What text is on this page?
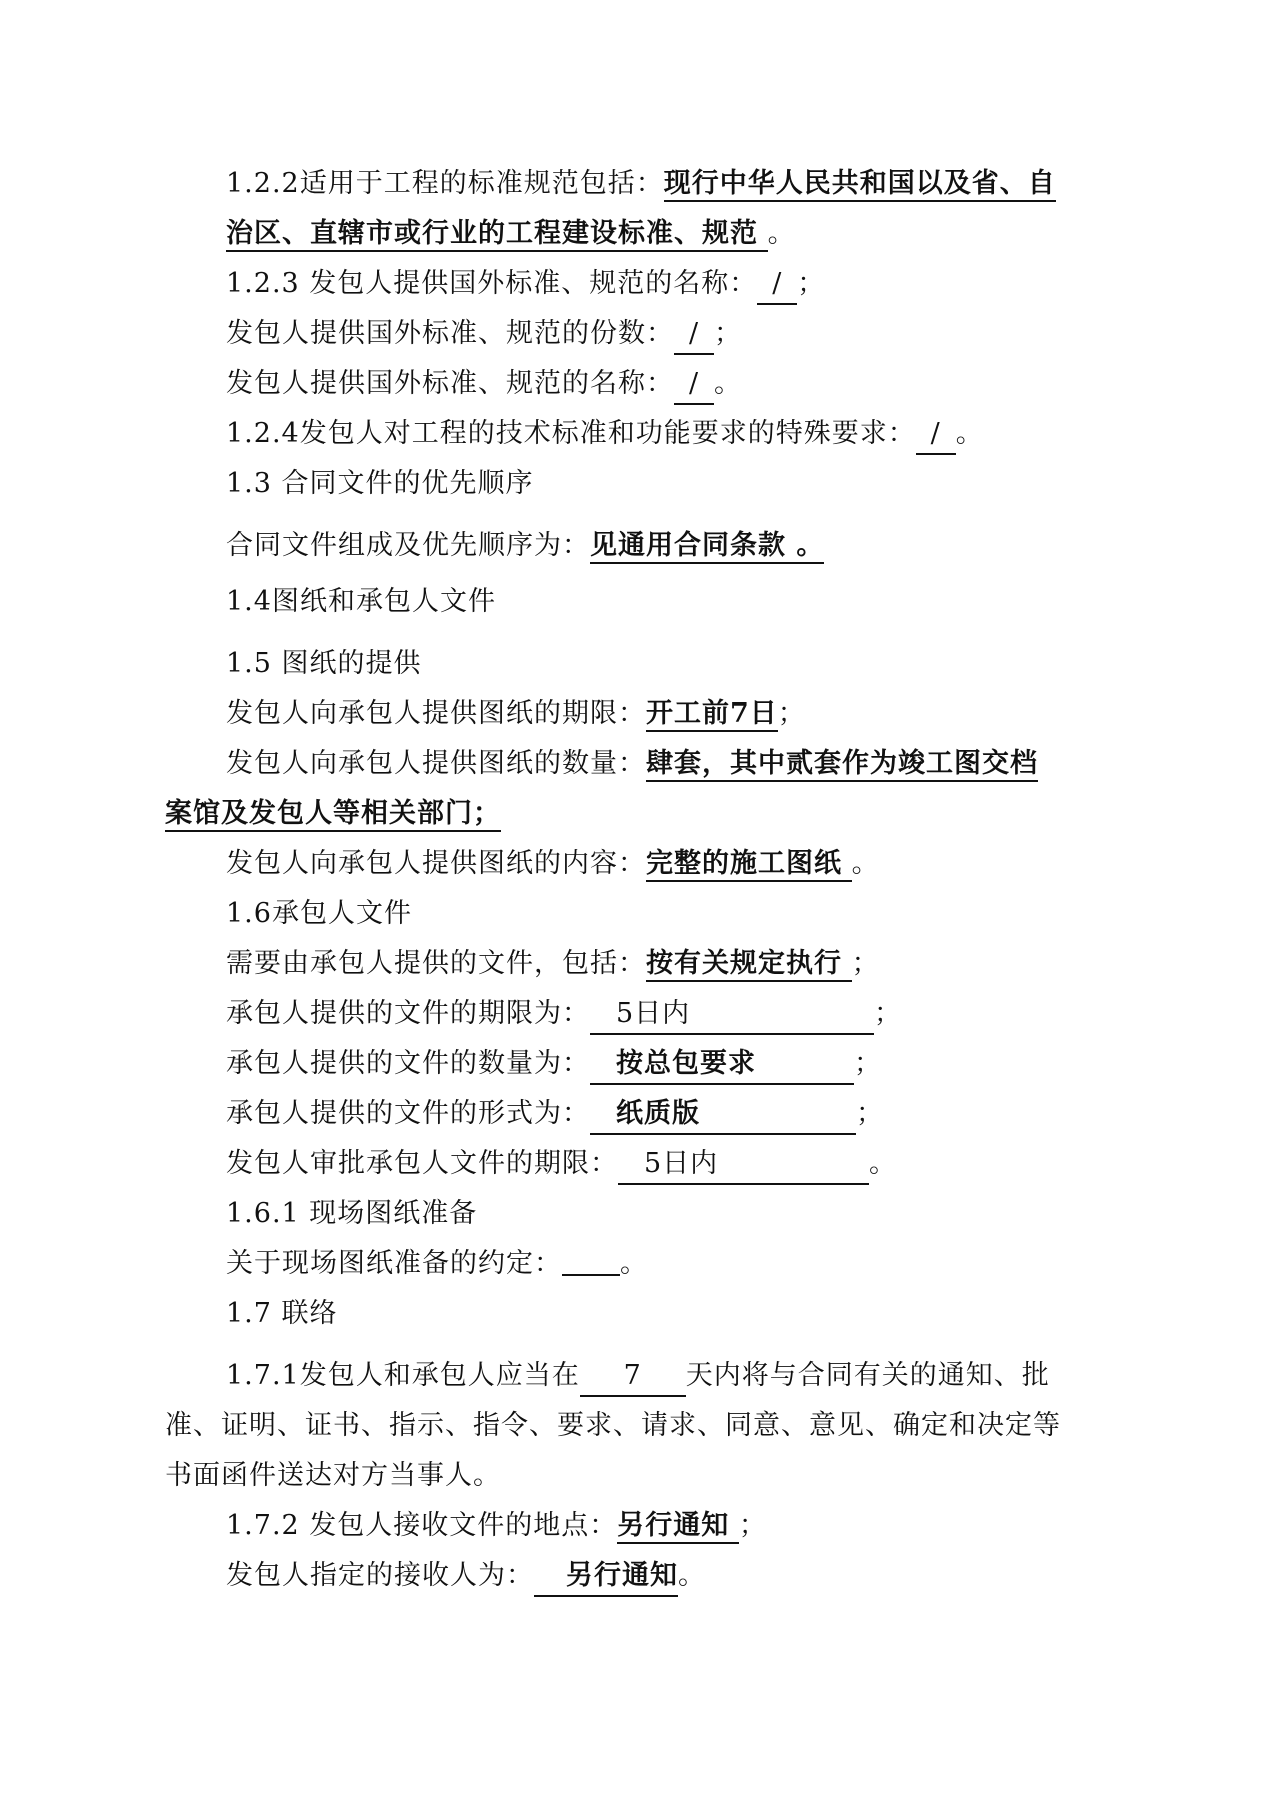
1.2.2适用于工程的标准规范包括：现行中华人民共和国以及省、自
治区、直辖市或行业的工程建设标准、规范 。
1.2.3 发包人提供国外标准、规范的名称： / ；
发包人提供国外标准、规范的份数： / ；
发包人提供国外标准、规范的名称： / 。
1.2.4发包人对工程的技术标准和功能要求的特殊要求： / 。
1.3 合同文件的优先顺序
合同文件组成及优先顺序为：见通用合同条款 。
1.4图纸和承包人文件
1.5 图纸的提供
发包人向承包人提供图纸的期限：开工前7日；
发包人向承包人提供图纸的数量：肆套，其中贰套作为竣工图交档
案馆及发包人等相关部门；
发包人向承包人提供图纸的内容：完整的施工图纸 。
1.6承包人文件
需要由承包人提供的文件，包括：按有关规定执行 ；
承包人提供的文件的期限为： 5日内	；
承包人提供的文件的数量为： 按总包要求	；
承包人提供的文件的形式为： 纸质版	；
发包人审批承包人文件的期限： 5日内	。
1.6.1 现场图纸准备
关于现场图纸准备的约定： 。
1.7 联络
1.7.1发包人和承包人应当在 7 天内将与合同有关的通知、批
准、证明、证书、指示、指令、要求、请求、同意、意见、确定和决定等
书面函件送达对方当事人。
1.7.2 发包人接收文件的地点：另行通知 ；
发包人指定的接收人为： 另行通知。
